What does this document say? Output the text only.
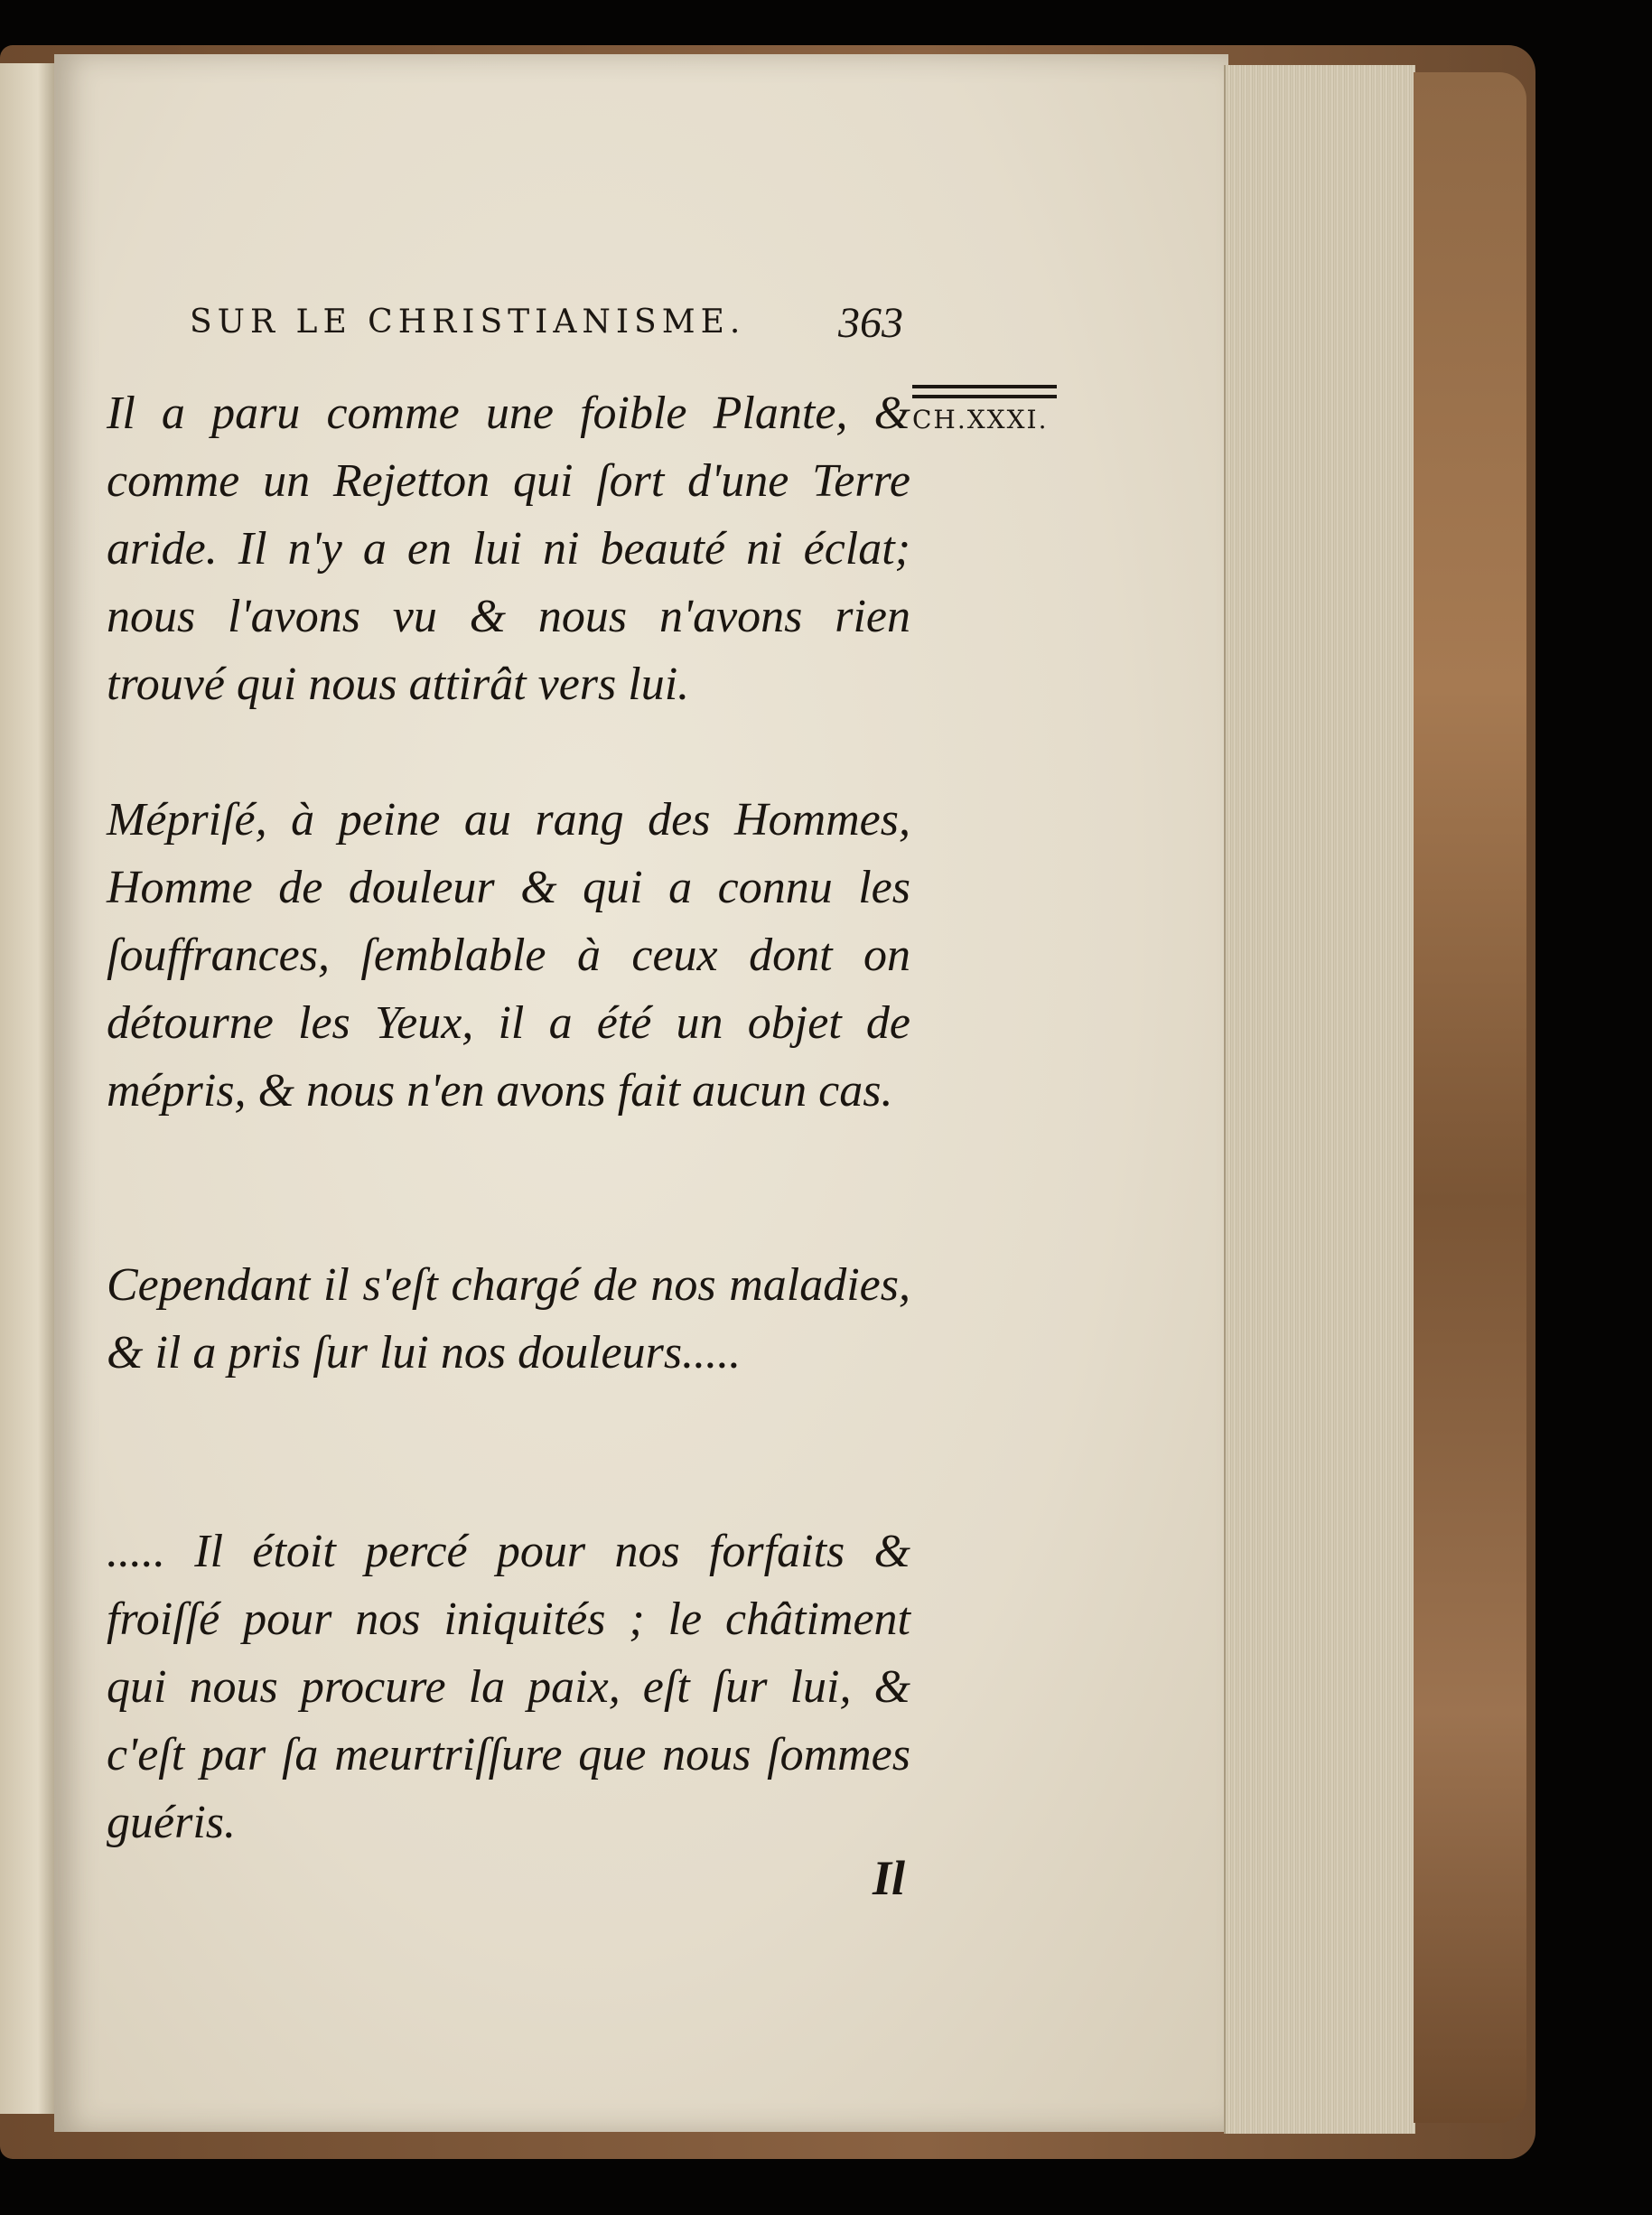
SUR LE CHRISTIANISME. 363
CH.XXXI.
Il a paru comme une foible Plante, & comme un Rejetton qui ſort d'une Terre aride. Il n'y a en lui ni beauté ni éclat; nous l'avons vu & nous n'avons rien trouvé qui nous attirât vers lui.
Mépriſé, à peine au rang des Hommes, Homme de douleur & qui a connu les ſouffrances, ſemblable à ceux dont on détourne les Yeux, il a été un objet de mépris, & nous n'en avons fait aucun cas.
Cependant il s'eſt chargé de nos maladies, & il a pris ſur lui nos douleurs.....
..... Il étoit percé pour nos forfaits & froiſſé pour nos iniquités ; le châtiment qui nous procure la paix, eſt ſur lui, & c'eſt par ſa meurtriſſure que nous ſommes guéris.
Il
